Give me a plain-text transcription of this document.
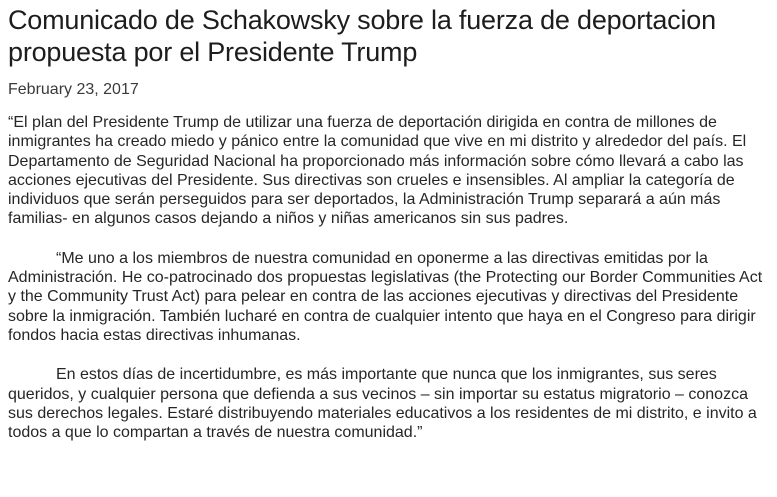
Comunicado de Schakowsky sobre la fuerza de deportacion propuesta por el Presidente Trump
February 23, 2017

“El plan del Presidente Trump de utilizar una fuerza de deportación dirigida en contra de millones de inmigrantes ha creado miedo y pánico entre la comunidad que vive en mi distrito y alrededor del país. El Departamento de Seguridad Nacional ha proporcionado más información sobre cómo llevará a cabo las acciones ejecutivas del Presidente. Sus directivas son crueles e insensibles. Al ampliar la categoría de individuos que serán perseguidos para ser deportados, la Administración Trump separará a aún más familias- en algunos casos dejando a niños y niñas americanos sin sus padres.

“Me uno a los miembros de nuestra comunidad en oponerme a las directivas emitidas por la Administración. He co-patrocinado dos propuestas legislativas (the Protecting our Border Communities Act y the Community Trust Act) para pelear en contra de las acciones ejecutivas y directivas del Presidente sobre la inmigración. También lucharé en contra de cualquier intento que haya en el Congreso para dirigir fondos hacia estas directivas inhumanas.

En estos días de incertidumbre, es más importante que nunca que los inmigrantes, sus seres queridos, y cualquier persona que defienda a sus vecinos – sin importar su estatus migratorio – conozca sus derechos legales. Estaré distribuyendo materiales educativos a los residentes de mi distrito, e invito a todos a que lo compartan a través de nuestra comunidad.”
